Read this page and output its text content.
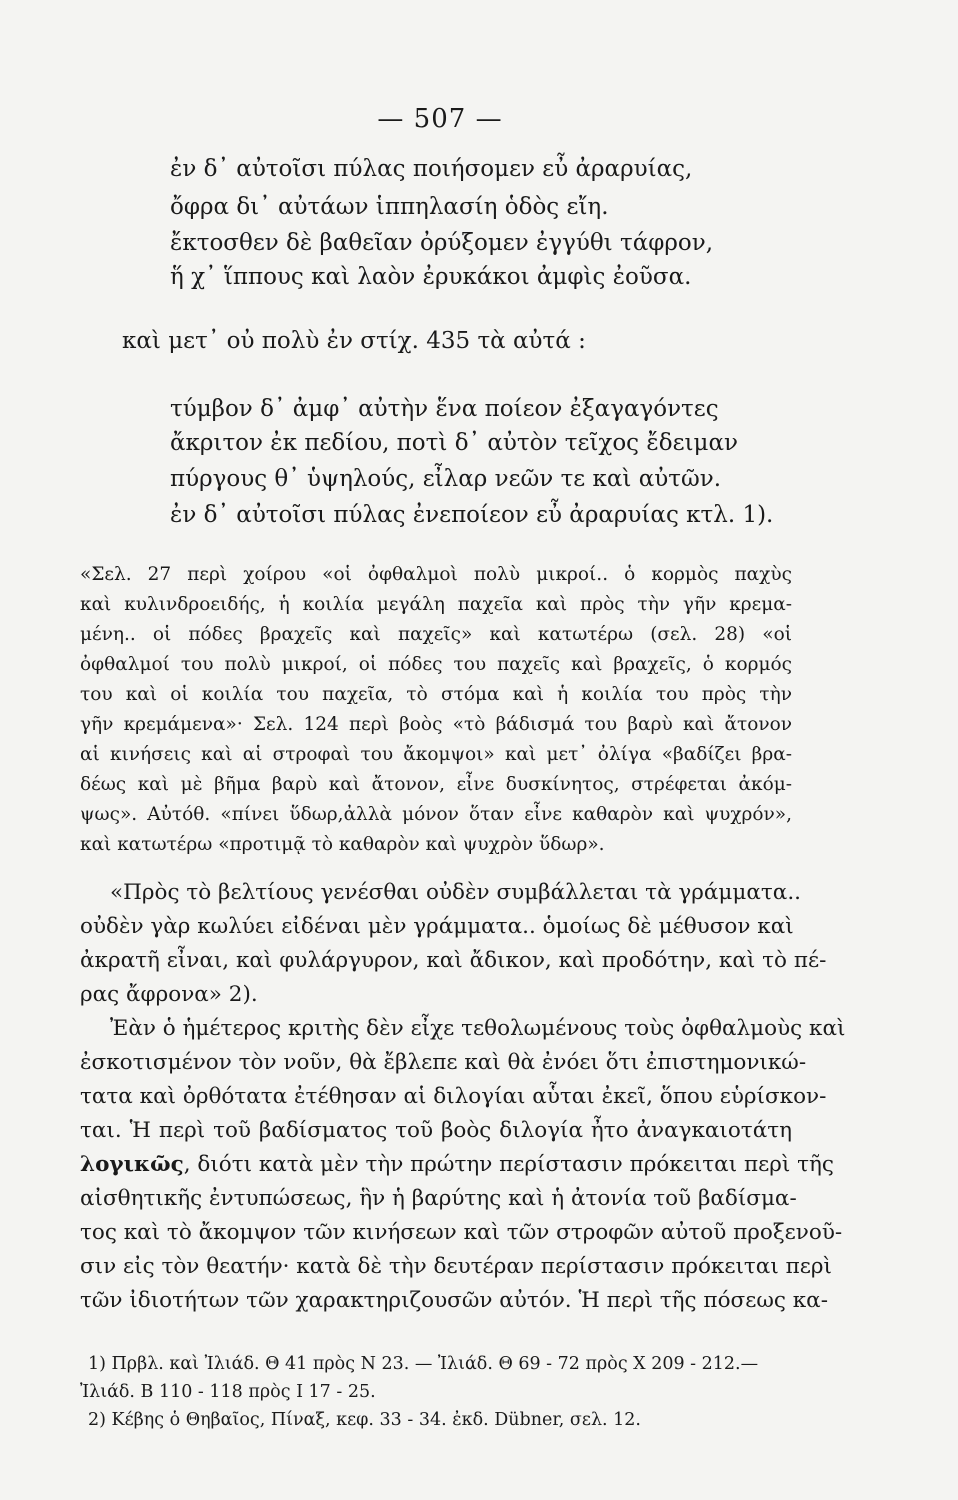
— 507 —
ἐν δ᾽ αὐτοῖσι πύλας ποιήσομεν εὖ ἀραρυίας,
ὄφρα δι᾽ αὐτάων ἱππηλασίη ὁδὸς εἴη.
ἔκτοσθεν δὲ βαθεῖαν ὀρύξομεν ἐγγύθι τάφρον,
ἥ χ᾽ ἵππους καὶ λαὸν ἐρυκάκοι ἀμφὶς ἐοῦσα.
καὶ μετ᾽ οὐ πολὺ ἐν στίχ. 435 τὰ αὐτά :
τύμβον δ᾽ ἀμφ᾽ αὐτὴν ἕνα ποίεον ἐξαγαγόντες
ἄκριτον ἐκ πεδίου, ποτὶ δ᾽ αὐτὸν τεῖχος ἔδειμαν
πύργους θ᾽ ὑψηλούς, εἶλαρ νεῶν τε καὶ αὐτῶν.
ἐν δ᾽ αὐτοῖσι πύλας ἐνεποίεον εὖ ἀραρυίας κτλ. 1).
«Σελ. 27 περὶ χοίρου «οἱ ὀφθαλμοὶ πολὺ μικροί.. ὁ κορμὸς παχὺς
καὶ κυλινδροειδής, ἡ κοιλία μεγάλη παχεῖα καὶ πρὸς τὴν γῆν κρεμα-
μένη.. οἱ πόδες βραχεῖς καὶ παχεῖς» καὶ κατωτέρω (σελ. 28) «οἱ
ὀφθαλμοί του πολὺ μικροί, οἱ πόδες του παχεῖς καὶ βραχεῖς, ὁ κορμός
του καὶ οἱ κοιλία του παχεῖα, τὸ στόμα καὶ ἡ κοιλία του πρὸς τὴν
γῆν κρεμάμενα»· Σελ. 124 περὶ βοὸς «τὸ βάδισμά του βαρὺ καὶ ἄτονον
αἱ κινήσεις καὶ αἱ στροφαὶ του ἄκομψοι» καὶ μετ᾽ ὀλίγα «βαδίζει βρα-
δέως καὶ μὲ βῆμα βαρὺ καὶ ἄτονον, εἶνε δυσκίνητος, στρέφεται ἀκόμ-
ψως». Αὐτόθ. «πίνει ὕδωρ,ἀλλὰ μόνον ὅταν εἶνε καθαρὸν καὶ ψυχρόν»,
καὶ κατωτέρω «προτιμᾷ τὸ καθαρὸν καὶ ψυχρὸν ὕδωρ».
«Πρὸς τὸ βελτίους γενέσθαι οὐδὲν συμβάλλεται τὰ γράμματα..
οὐδὲν γὰρ κωλύει εἰδέναι μὲν γράμματα.. ὁμοίως δὲ μέθυσον καὶ
ἀκρατῆ εἶναι, καὶ φυλάργυρον, καὶ ἄδικον, καὶ προδότην, καὶ τὸ πέ-
ρας ἄφρονα» 2).
Ἐὰν ὁ ἡμέτερος κριτὴς δὲν εἶχε τεθολωμένους τοὺς ὀφθαλμοὺς καὶ
ἐσκοτισμένον τὸν νοῦν, θὰ ἔβλεπε καὶ θὰ ἐνόει ὅτι ἐπιστημονικώ-
τατα καὶ ὀρθότατα ἐτέθησαν αἱ διλογίαι αὗται ἐκεῖ, ὅπου εὑρίσκον-
ται. Ἡ περὶ τοῦ βαδίσματος τοῦ βοὸς διλογία ἦτο ἀναγκαιοτάτη
λογικῶς, διότι κατὰ μὲν τὴν πρώτην περίστασιν πρόκειται περὶ τῆς
αἰσθητικῆς ἐντυπώσεως, ἣν ἡ βαρύτης καὶ ἡ ἀτονία τοῦ βαδίσμα-
τος καὶ τὸ ἄκομψον τῶν κινήσεων καὶ τῶν στροφῶν αὐτοῦ προξενοῦ-
σιν εἰς τὸν θεατήν· κατὰ δὲ τὴν δευτέραν περίστασιν πρόκειται περὶ
τῶν ἰδιοτήτων τῶν χαρακτηριζουσῶν αὐτόν. Ἡ περὶ τῆς πόσεως κα-
1) Πρβλ. καὶ Ἰλιάδ. Θ 41 πρὸς Ν 23. — Ἰλιάδ. Θ 69 - 72 πρὸς Χ 209 - 212.—
Ἰλιάδ. Β 110 - 118 πρὸς Ι 17 - 25.
2) Κέβης ὁ Θηβαῖος, Πίναξ, κεφ. 33 - 34. ἐκδ. Dübner, σελ. 12.
